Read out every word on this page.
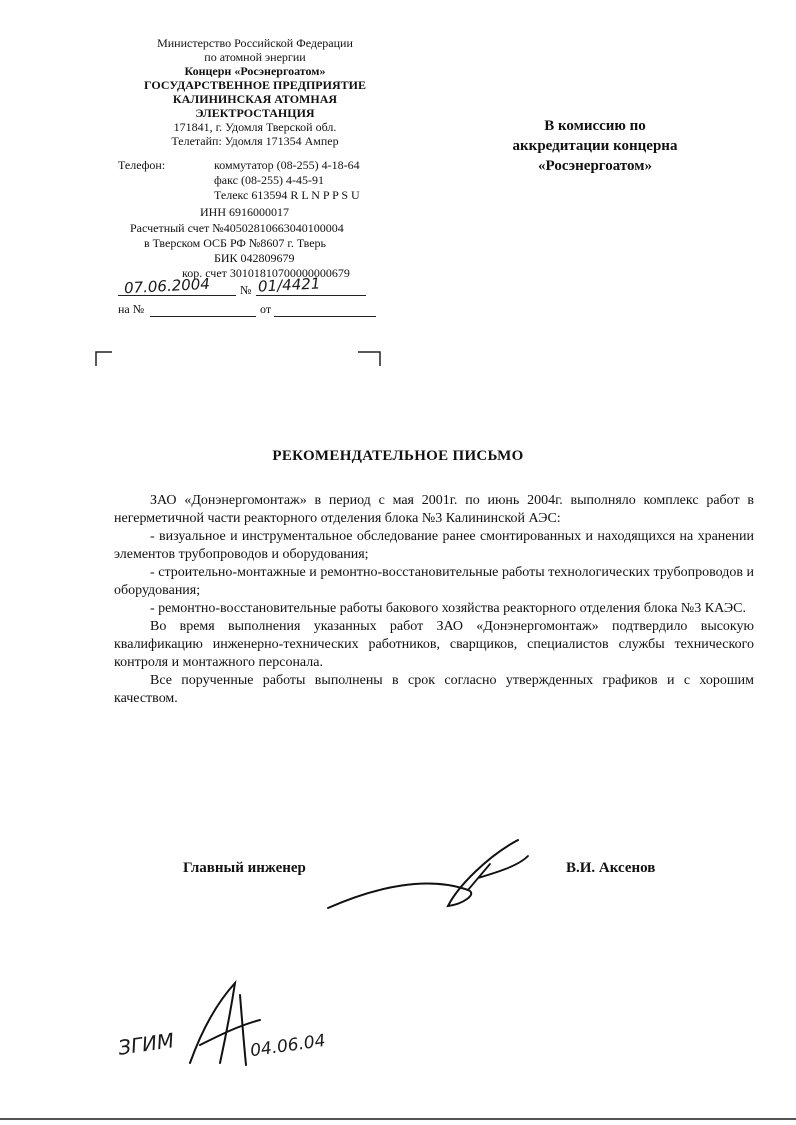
Министерство Российской Федерации
по атомной энергии
Концерн «Росэнергоатом»
ГОСУДАРСТВЕННОЕ ПРЕДПРИЯТИЕ
КАЛИНИНСКАЯ АТОМНАЯ
ЭЛЕКТРОСТАНЦИЯ
171841, г. Удомля Тверской обл.
Телетайп: Удомля 171354 Ампер
Телефон:	коммутатор (08-255) 4-18-64
факс (08-255) 4-45-91
Телекс 613594 R L N P P S U
ИНН 6916000017
Расчетный счет №40502810663040100004
в Тверском ОСБ РФ №8607 г. Тверь
БИК 042809679
кор. счет 30101810700000000679
07.06.2004 № 01/4421
на №	от
В комиссию по
аккредитации концерна
«Росэнергоатом»
РЕКОМЕНДАТЕЛЬНОЕ ПИСЬМО

ЗАО «Донэнергомонтаж» в период с мая 2001г. по июнь 2004г. выполняло комплекс работ в негерметичной части реакторного отделения блока №3 Калининской АЭС:

- визуальное и инструментальное обследование ранее смонтированных и находящихся на хранении элементов трубопроводов и оборудования;

- строительно-монтажные и ремонтно-восстановительные работы технологических трубопроводов и оборудования;

- ремонтно-восстановительные работы бакового хозяйства реакторного отделения блока №3 КАЭС.

Во время выполнения указанных работ ЗАО «Донэнергомонтаж» подтвердило высокую квалификацию инженерно-технических работников, сварщиков, специалистов службы технического контроля и монтажного персонала.

Все порученные работы выполнены в срок согласно утвержденных графиков и с хорошим качеством.

Главный инженер	В.И. Аксенов
ЗГИМ	04.06.04
